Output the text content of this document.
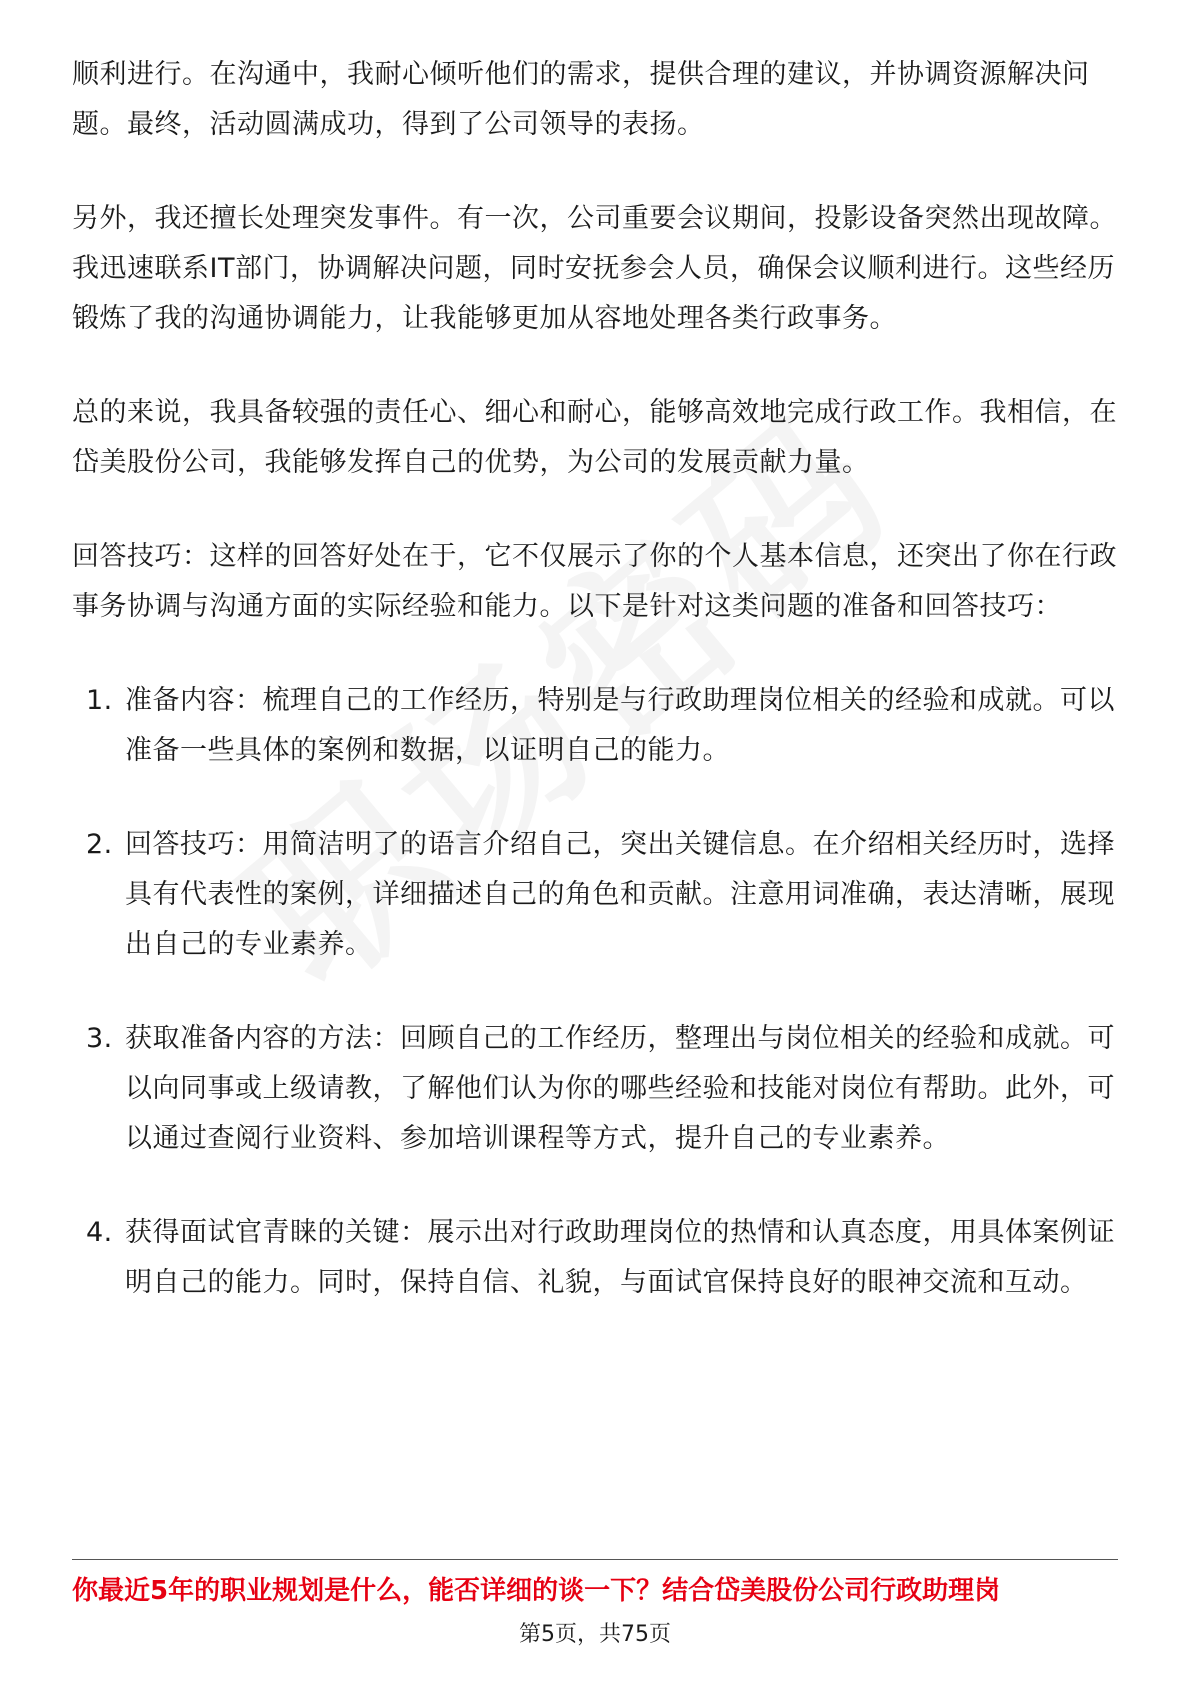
顺利进行。在沟通中，我耐心倾听他们的需求，提供合理的建议，并协调资源解决问题。最终，活动圆满成功，得到了公司领导的表扬。

另外，我还擅长处理突发事件。有一次，公司重要会议期间，投影设备突然出现故障。我迅速联系IT部门，协调解决问题，同时安抚参会人员，确保会议顺利进行。这些经历锻炼了我的沟通协调能力，让我能够更加从容地处理各类行政事务。

总的来说，我具备较强的责任心、细心和耐心，能够高效地完成行政工作。我相信，在岱美股份公司，我能够发挥自己的优势，为公司的发展贡献力量。

回答技巧：这样的回答好处在于，它不仅展示了你的个人基本信息，还突出了你在行政事务协调与沟通方面的实际经验和能力。以下是针对这类问题的准备和回答技巧：

1. 准备内容：梳理自己的工作经历，特别是与行政助理岗位相关的经验和成就。可以准备一些具体的案例和数据，以证明自己的能力。
2. 回答技巧：用简洁明了的语言介绍自己，突出关键信息。在介绍相关经历时，选择具有代表性的案例，详细描述自己的角色和贡献。注意用词准确，表达清晰，展现出自己的专业素养。
3. 获取准备内容的方法：回顾自己的工作经历，整理出与岗位相关的经验和成就。可以向同事或上级请教，了解他们认为你的哪些经验和技能对岗位有帮助。此外，可以通过查阅行业资料、参加培训课程等方式，提升自己的专业素养。
4. 获得面试官青睐的关键：展示出对行政助理岗位的热情和认真态度，用具体案例证明自己的能力。同时，保持自信、礼貌，与面试官保持良好的眼神交流和互动。
你最近5年的职业规划是什么，能否详细的谈一下？结合岱美股份公司行政助理岗
第5页，共75页
